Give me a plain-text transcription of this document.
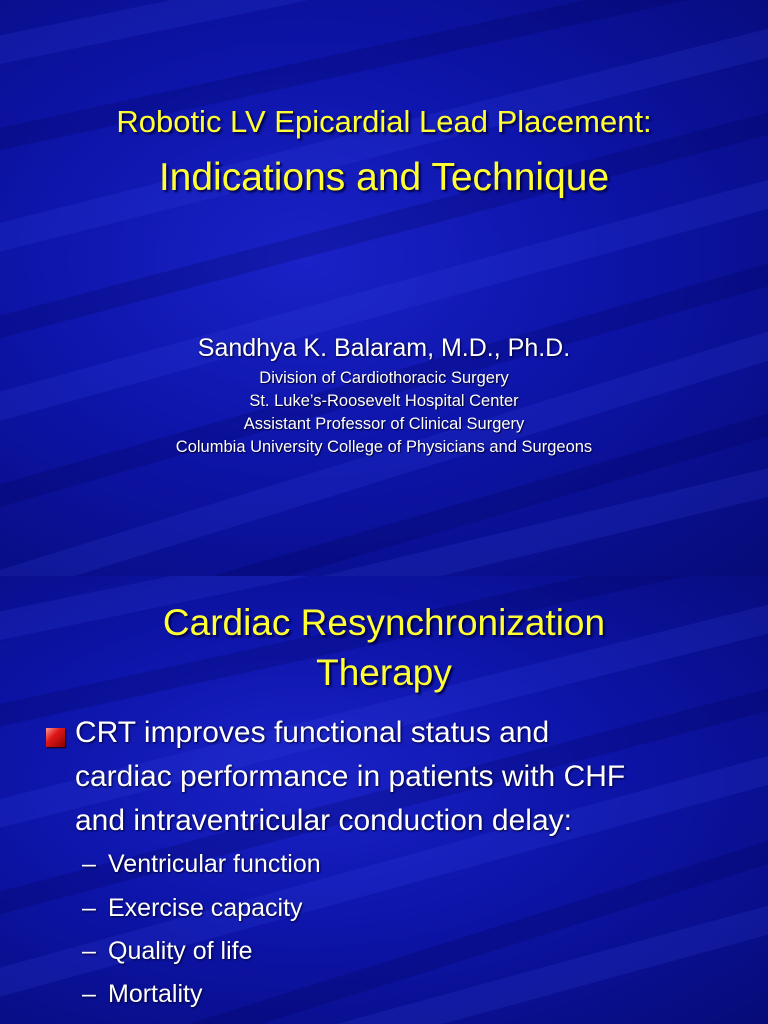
Robotic LV Epicardial Lead Placement:
Indications and Technique
Sandhya K. Balaram, M.D., Ph.D.
Division of Cardiothoracic Surgery
St. Luke’s-Roosevelt Hospital Center
Assistant Professor of Clinical Surgery
Columbia University College of Physicians and Surgeons
Cardiac Resynchronization
Therapy
CRT improves functional status and
cardiac performance in patients with CHF
and intraventricular conduction delay:
– Ventricular function
– Exercise capacity
– Quality of life
– Mortality
